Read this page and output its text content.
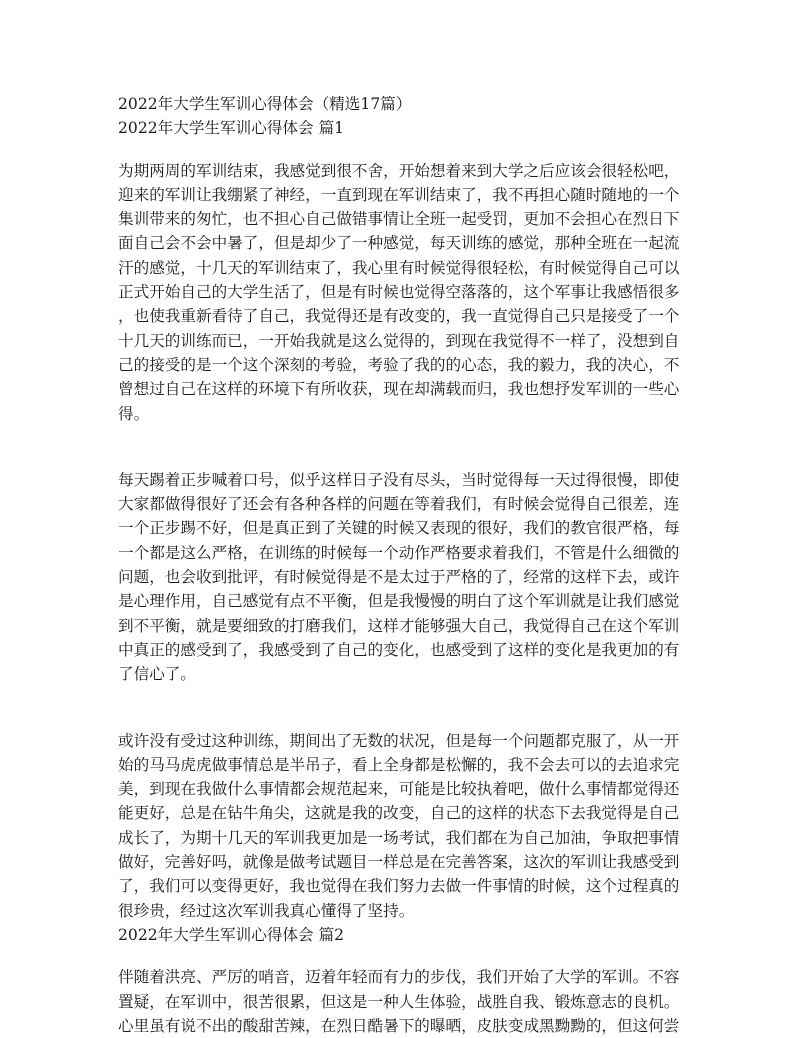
2022年大学生军训心得体会（精选17篇）
2022年大学生军训心得体会 篇1
为期两周的军训结束，我感觉到很不舍，开始想着来到大学之后应该会很轻松吧，
迎来的军训让我绷紧了神经，一直到现在军训结束了，我不再担心随时随地的一个
集训带来的匆忙，也不担心自己做错事情让全班一起受罚，更加不会担心在烈日下
面自己会不会中暑了，但是却少了一种感觉，每天训练的感觉，那种全班在一起流
汗的感觉，十几天的军训结束了，我心里有时候觉得很轻松，有时候觉得自己可以
正式开始自己的大学生活了，但是有时候也觉得空落落的，这个军事让我感悟很多
，也使我重新看待了自己，我觉得还是有改变的，我一直觉得自己只是接受了一个
十几天的训练而已，一开始我就是这么觉得的，到现在我觉得不一样了，没想到自
己的接受的是一个这个深刻的考验，考验了我的的心态，我的毅力，我的决心，不
曾想过自己在这样的环境下有所收获，现在却满载而归，我也想抒发军训的一些心
得。
每天踢着正步喊着口号，似乎这样日子没有尽头，当时觉得每一天过得很慢，即使
大家都做得很好了还会有各种各样的问题在等着我们，有时候会觉得自己很差，连
一个正步踢不好，但是真正到了关键的时候又表现的很好，我们的教官很严格，每
一个都是这么严格，在训练的时候每一个动作严格要求着我们，不管是什么细微的
问题，也会收到批评，有时候觉得是不是太过于严格的了，经常的这样下去，或许
是心理作用，自己感觉有点不平衡，但是我慢慢的明白了这个军训就是让我们感觉
到不平衡，就是要细致的打磨我们，这样才能够强大自己，我觉得自己在这个军训
中真正的感受到了，我感受到了自己的变化，也感受到了这样的变化是我更加的有
了信心了。
或许没有受过这种训练，期间出了无数的状况，但是每一个问题都克服了，从一开
始的马马虎虎做事情总是半吊子，看上全身都是松懈的，我不会去可以的去追求完
美，到现在我做什么事情都会规范起来，可能是比较执着吧，做什么事情都觉得还
能更好，总是在钻牛角尖，这就是我的改变，自己的这样的状态下去我觉得是自己
成长了，为期十几天的军训我更加是一场考试，我们都在为自己加油，争取把事情
做好，完善好吗，就像是做考试题目一样总是在完善答案，这次的军训让我感受到
了，我们可以变得更好，我也觉得在我们努力去做一件事情的时候，这个过程真的
很珍贵，经过这次军训我真心懂得了坚持。
2022年大学生军训心得体会 篇2
伴随着洪亮、严厉的哨音，迈着年轻而有力的步伐，我们开始了大学的军训。不容
置疑，在军训中，很苦很累，但这是一种人生体验，战胜自我、锻炼意志的良机。
心里虽有说不出的酸甜苦辣，在烈日酷暑下的曝晒，皮肤变成黑黝黝的，但这何尝
